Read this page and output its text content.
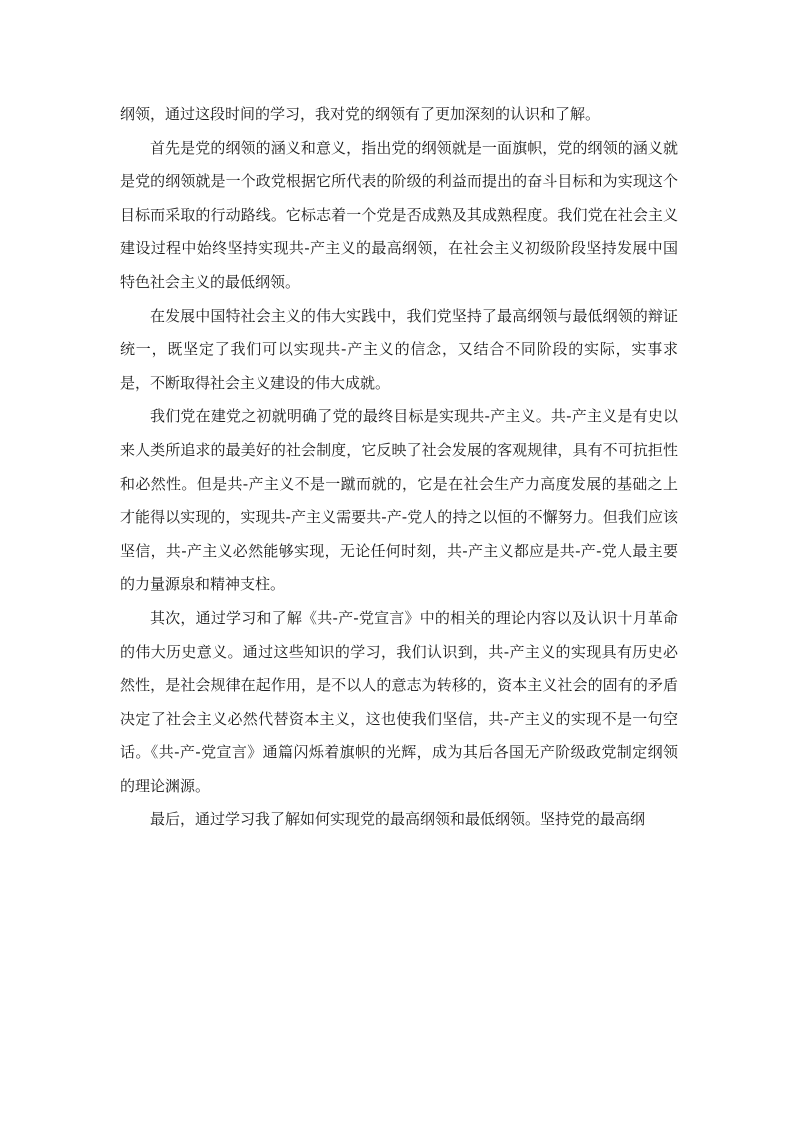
纲领，通过这段时间的学习，我对党的纲领有了更加深刻的认识和了解。

首先是党的纲领的涵义和意义，指出党的纲领就是一面旗帜，党的纲领的涵义就是党的纲领就是一个政党根据它所代表的阶级的利益而提出的奋斗目标和为实现这个目标而采取的行动路线。它标志着一个党是否成熟及其成熟程度。我们党在社会主义建设过程中始终坚持实现共-产主义的最高纲领，在社会主义初级阶段坚持发展中国特色社会主义的最低纲领。

在发展中国特社会主义的伟大实践中，我们党坚持了最高纲领与最低纲领的辩证统一，既坚定了我们可以实现共-产主义的信念，又结合不同阶段的实际，实事求是，不断取得社会主义建设的伟大成就。

我们党在建党之初就明确了党的最终目标是实现共-产主义。共-产主义是有史以来人类所追求的最美好的社会制度，它反映了社会发展的客观规律，具有不可抗拒性和必然性。但是共-产主义不是一蹴而就的，它是在社会生产力高度发展的基础之上才能得以实现的，实现共-产主义需要共-产-党人的持之以恒的不懈努力。但我们应该坚信，共-产主义必然能够实现，无论任何时刻，共-产主义都应是共-产-党人最主要的力量源泉和精神支柱。

其次，通过学习和了解《共-产-党宣言》中的相关的理论内容以及认识十月革命的伟大历史意义。通过这些知识的学习，我们认识到，共-产主义的实现具有历史必然性，是社会规律在起作用，是不以人的意志为转移的，资本主义社会的固有的矛盾决定了社会主义必然代替资本主义，这也使我们坚信，共-产主义的实现不是一句空话。《共-产-党宣言》通篇闪烁着旗帜的光辉，成为其后各国无产阶级政党制定纲领的理论渊源。

最后，通过学习我了解如何实现党的最高纲领和最低纲领。坚持党的最高纲
